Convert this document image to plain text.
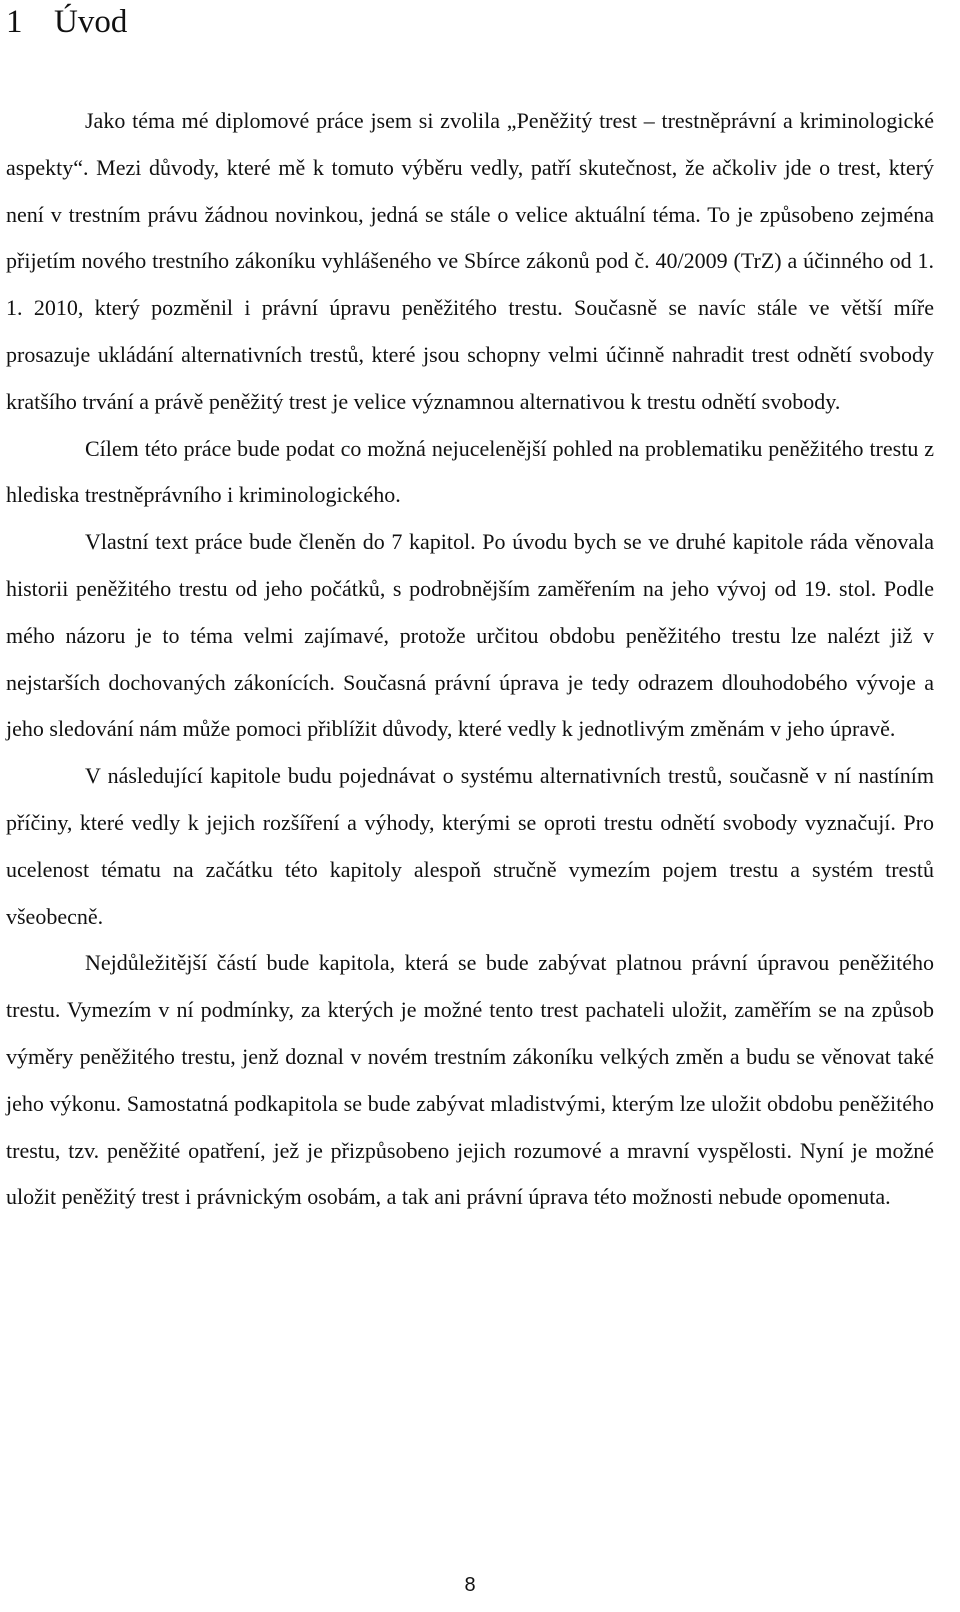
1 Úvod

Jako téma mé diplomové práce jsem si zvolila „Peněžitý trest – trestněprávní a kriminologické aspekty“. Mezi důvody, které mě k tomuto výběru vedly, patří skutečnost, že ačkoliv jde o trest, který není v trestním právu žádnou novinkou, jedná se stále o velice aktuální téma. To je způsobeno zejména přijetím nového trestního zákoníku vyhlášeného ve Sbírce zákonů pod č. 40/2009 (TrZ) a účinného od 1. 1. 2010, který pozměnil i právní úpravu peněžitého trestu. Současně se navíc stále ve větší míře prosazuje ukládání alternativních trestů, které jsou schopny velmi účinně nahradit trest odnětí svobody kratšího trvání a právě peněžitý trest je velice významnou alternativou k trestu odnětí svobody.

Cílem této práce bude podat co možná nejucelenější pohled na problematiku peněžitého trestu z hlediska trestněprávního i kriminologického.

Vlastní text práce bude členěn do 7 kapitol. Po úvodu bych se ve druhé kapitole ráda věnovala historii peněžitého trestu od jeho počátků, s podrobnějším zaměřením na jeho vývoj od 19. stol. Podle mého názoru je to téma velmi zajímavé, protože určitou obdobu peněžitého trestu lze nalézt již v nejstarších dochovaných zákonících. Současná právní úprava je tedy odrazem dlouhodobého vývoje a jeho sledování nám může pomoci přiblížit důvody, které vedly k jednotlivým změnám v jeho úpravě.

V následující kapitole budu pojednávat o systému alternativních trestů, současně v ní nastíním příčiny, které vedly k jejich rozšíření a výhody, kterými se oproti trestu odnětí svobody vyznačují. Pro ucelenost tématu na začátku této kapitoly alespoň stručně vymezím pojem trestu a systém trestů všeobecně.

Nejdůležitější částí bude kapitola, která se bude zabývat platnou právní úpravou peněžitého trestu. Vymezím v ní podmínky, za kterých je možné tento trest pachateli uložit, zaměřím se na způsob výměry peněžitého trestu, jenž doznal v novém trestním zákoníku velkých změn a budu se věnovat také jeho výkonu. Samostatná podkapitola se bude zabývat mladistvými, kterým lze uložit obdobu peněžitého trestu, tzv. peněžité opatření, jež je přizpůsobeno jejich rozumové a mravní vyspělosti. Nyní je možné uložit peněžitý trest i právnickým osobám, a tak ani právní úprava této možnosti nebude opomenuta.

8
